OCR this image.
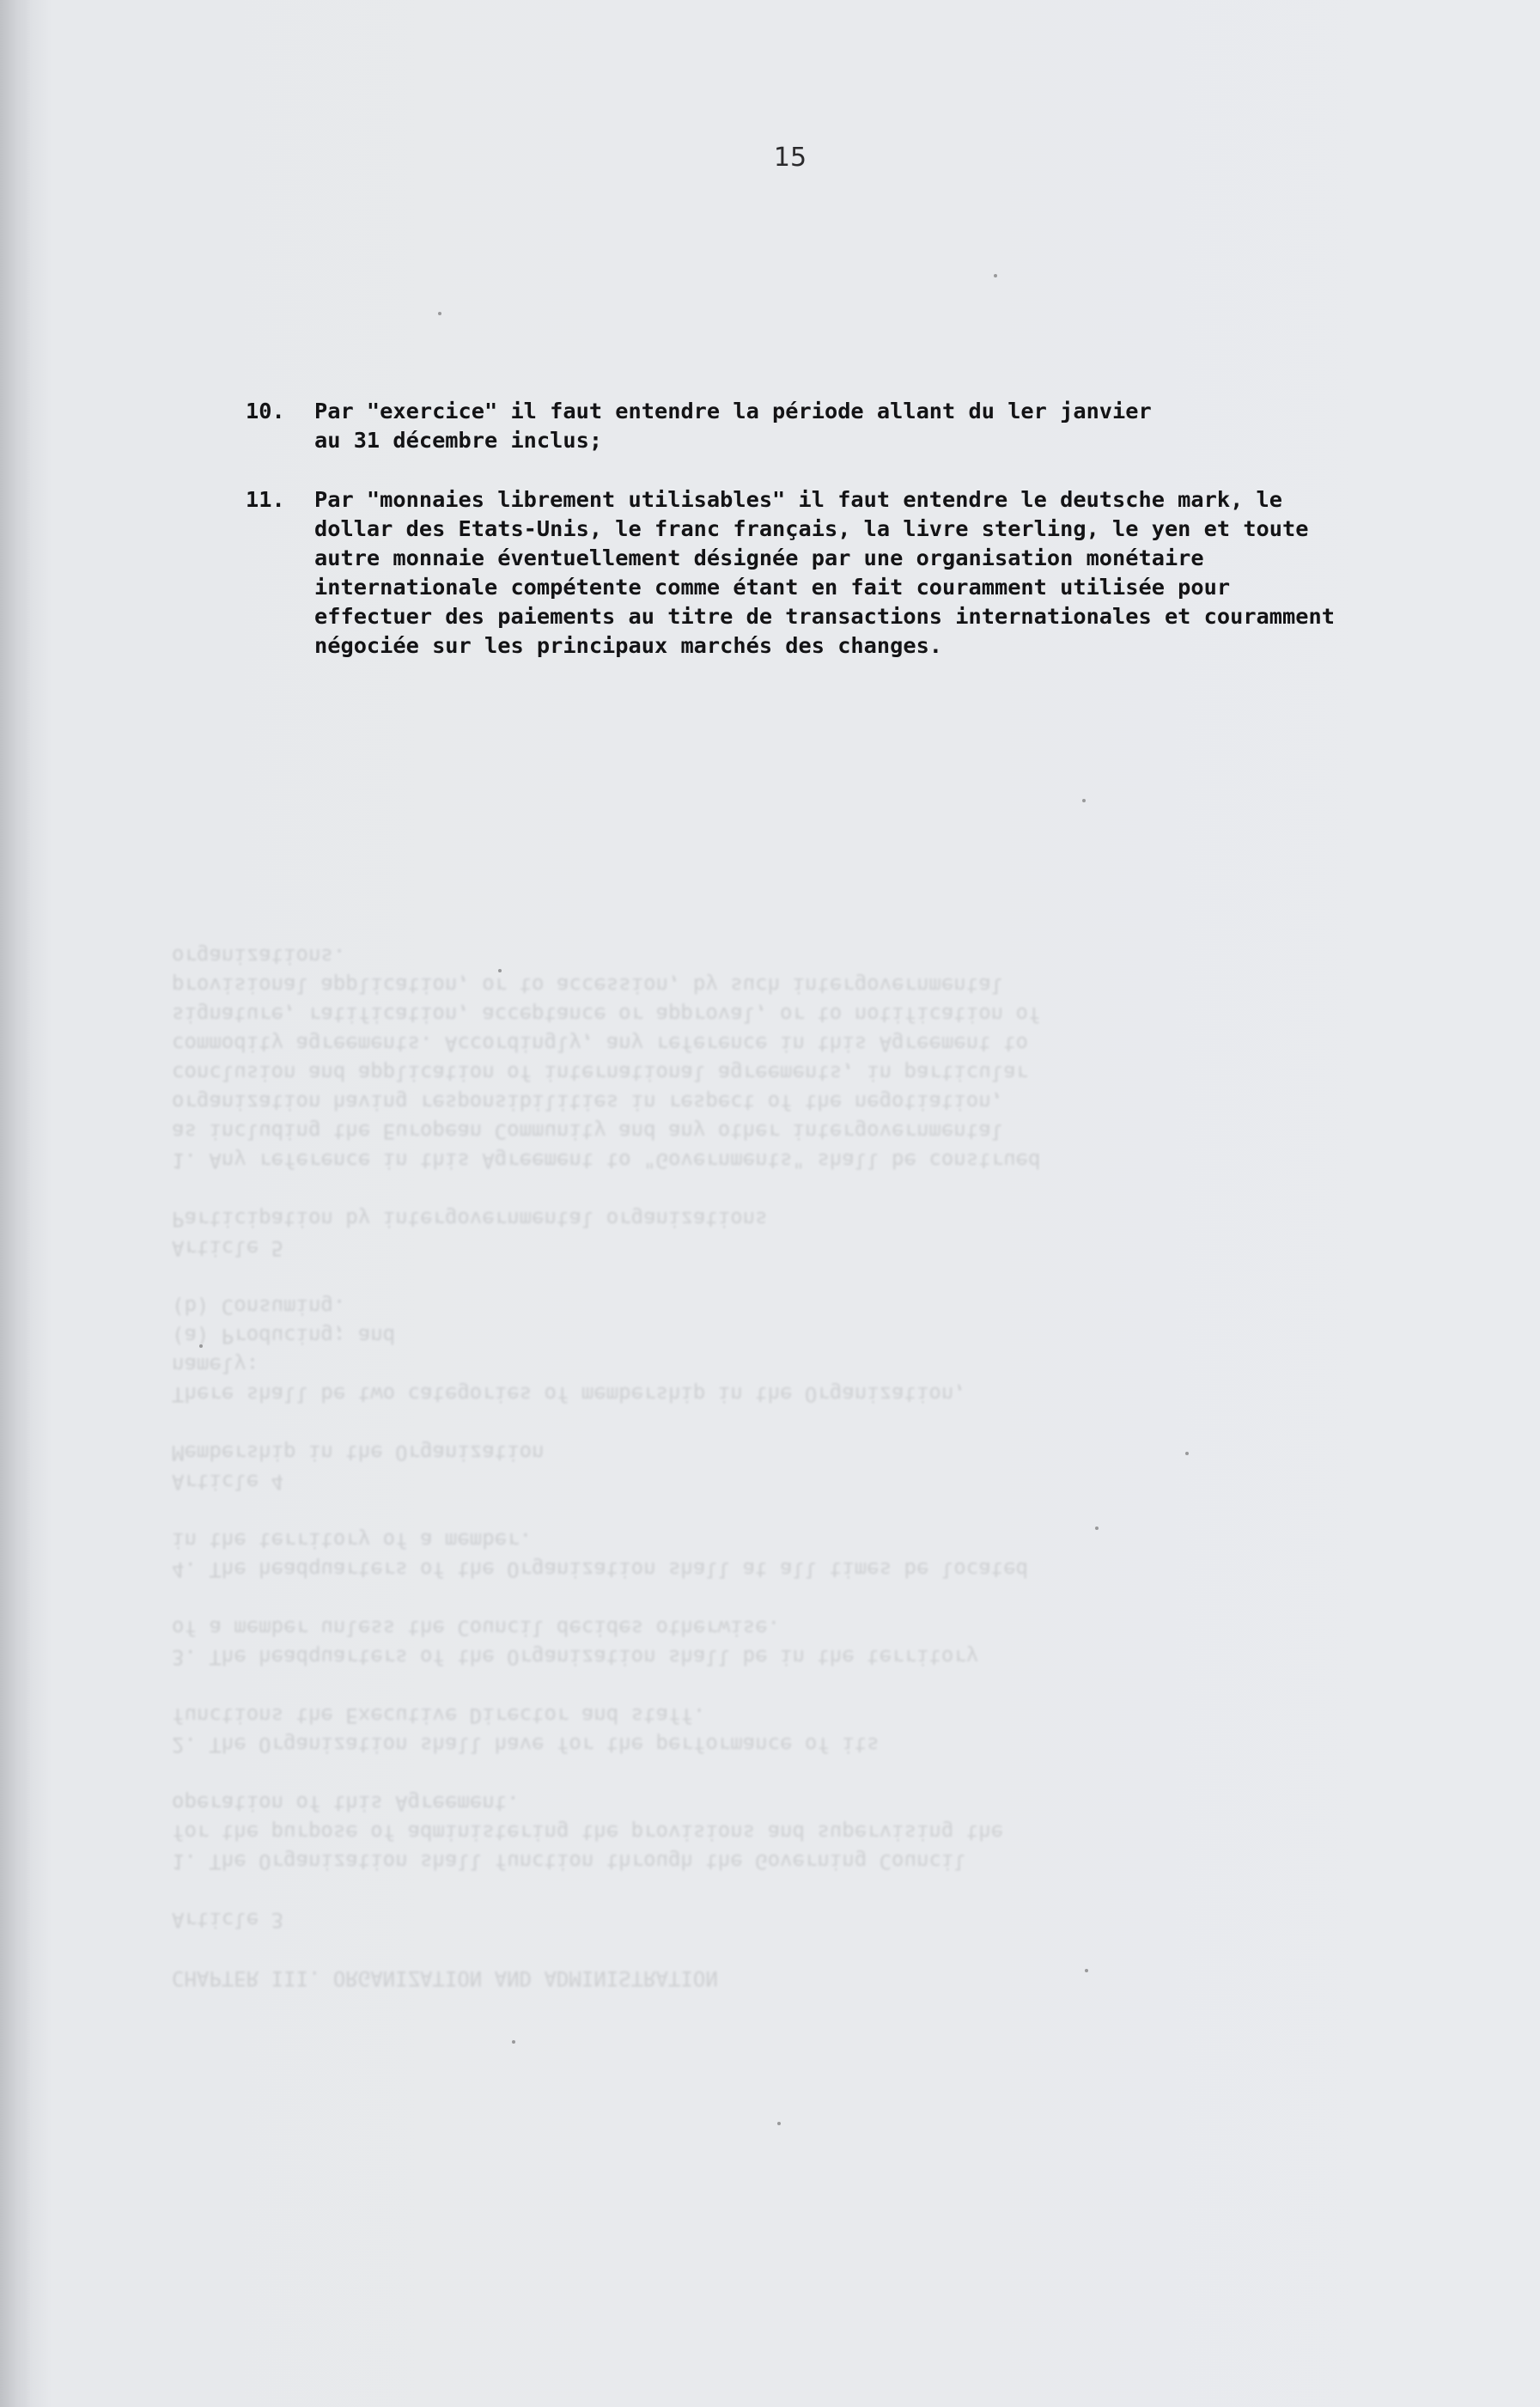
CHAPTER III. ORGANIZATION AND ADMINISTRATION

Article 3

1. The Organization shall function through the Governing Council
for the purpose of administering the provisions and supervising the
operation of this Agreement.

2. The Organization shall have for the performance of its
functions the Executive Director and staff.

3. The headquarters of the Organization shall be in the territory
of a member unless the Council decides otherwise.

4. The headquarters of the Organization shall at all times be located
in the territory of a member.

Article 4
Membership in the Organization

There shall be two categories of membership in the Organization,
namely:
(a) Producing; and
(b) Consuming.

Article 5
Participation by intergovernmental organizations

1. Any reference in this Agreement to "Governments" shall be construed
as including the European Community and any other intergovernmental
organization having responsibilities in respect of the negotiation,
conclusion and application of international agreements, in particular
commodity agreements. Accordingly, any reference in this Agreement to
signature, ratification, acceptance or approval, or to notification of
provisional application, or to accession, by such intergovernmental
organizations.
15
10.	Par "exercice" il faut entendre la période allant du ler janvier
au 31 décembre inclus;
11.	Par "monnaies librement utilisables" il faut entendre le deutsche mark, le
dollar des Etats-Unis, le franc français, la livre sterling, le yen et toute
autre monnaie éventuellement désignée par une organisation monétaire
internationale compétente comme étant en fait couramment utilisée pour
effectuer des paiements au titre de transactions internationales et couramment
négociée sur les principaux marchés des changes.
